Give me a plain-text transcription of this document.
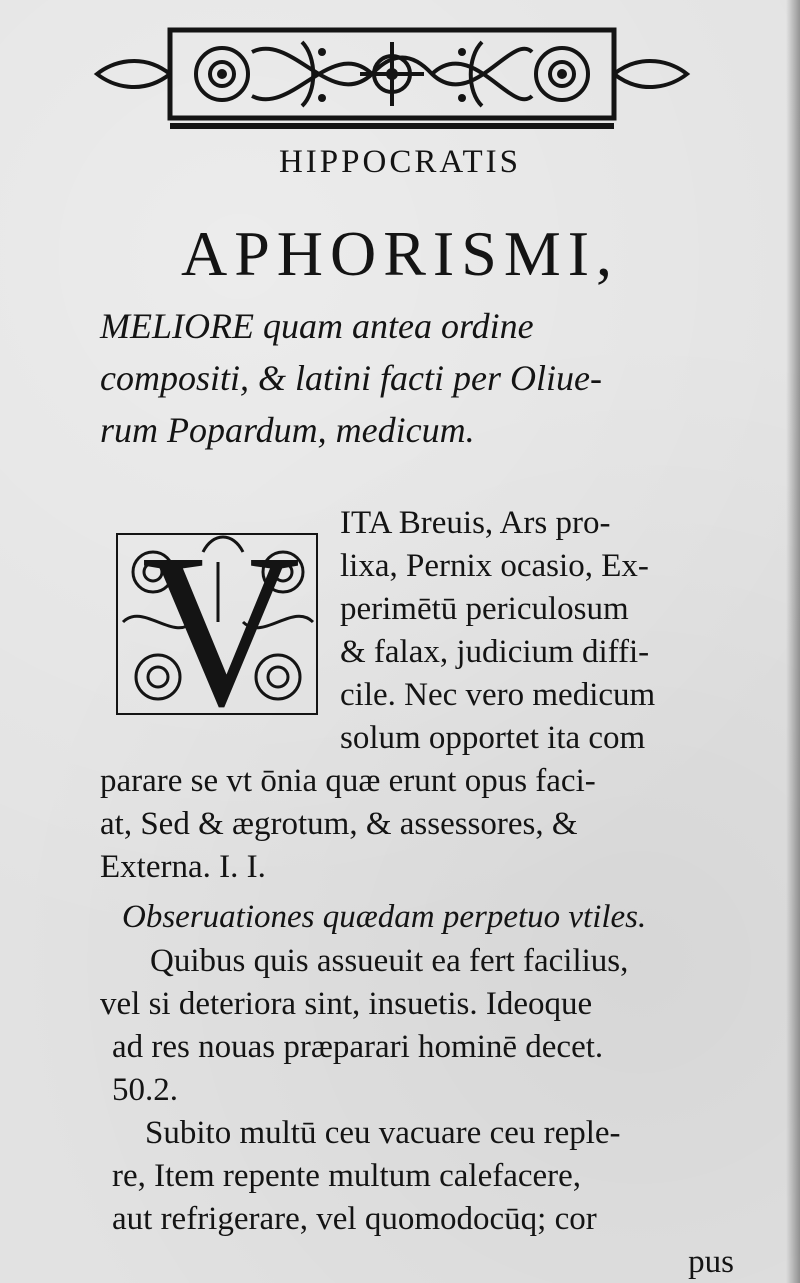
HIPPOCRATIS
APHORISMI,
MELIORE quam antea ordine
compositi, & latini facti per Oliue-
rum Popardum, medicum.
V ITA Breuis, Ars pro-
lixa, Pernix ocasio, Ex-
perimētū periculosum
& falax, judicium diffi-
cile. Nec vero medicum
solum opportet ita com
parare se vt ōnia quæ erunt opus faci-
at, Sed & ægrotum, & assessores, &
Externa. I. I.
Obseruationes quædam perpetuo vtiles.
Quibus quis assueuit ea fert facilius,
vel si deteriora sint, insuetis. Ideoque
ad res nouas præparari hominē decet.
50.2.
Subito multū ceu vacuare ceu reple-
re, Item repente multum calefacere,
aut refrigerare, vel quomodocūq; cor
pus
